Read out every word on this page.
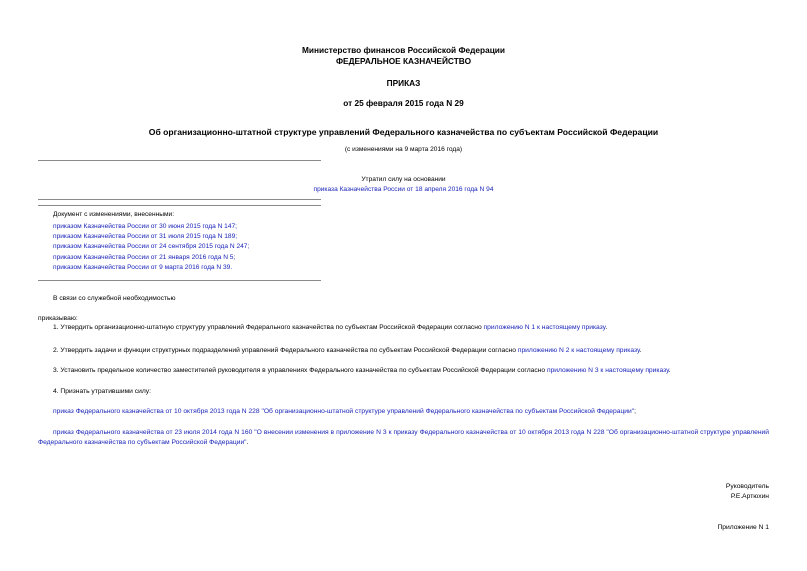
Министерство финансов Российской Федерации
ФЕДЕРАЛЬНОЕ КАЗНАЧЕЙСТВО
ПРИКАЗ
от 25 февраля 2015 года N 29
Об организационно-штатной структуре управлений Федерального казначейства по субъектам Российской Федерации
(с изменениями на 9 марта 2016 года)
Утратил силу на основании
приказа Казначейства России от 18 апреля 2016 года N 94
Документ с изменениями, внесенными:
приказом Казначейства России от 30 июня 2015 года N 147;
приказом Казначейства России от 31 июля 2015 года N 189;
приказом Казначейства России от 24 сентября 2015 года N 247;
приказом Казначейства России от 21 января 2016 года N 5;
приказом Казначейства России от 9 марта 2016 года N 39.
В связи со служебной необходимостью
приказываю:
1. Утвердить организационно-штатную структуру управлений Федерального казначейства по субъектам Российской Федерации согласно приложению N 1 к настоящему приказу.
2. Утвердить задачи и функции структурных подразделений управлений Федерального казначейства по субъектам Российской Федерации согласно приложению N 2 к настоящему приказу.
3. Установить предельное количество заместителей руководителя в управлениях Федерального казначейства по субъектам Российской Федерации согласно приложению N 3 к настоящему приказу.
4. Признать утратившими силу:
приказ Федерального казначейства от 10 октября 2013 года N 228 "Об организационно-штатной структуре управлений Федерального казначейства по субъектам Российской Федерации";
приказ Федерального казначейства от 23 июля 2014 года N 160 "О внесении изменения в приложение N 3 к приказу Федерального казначейства от 10 октября 2013 года N 228 "Об организационно-штатной структуре управлений Федерального казначейства по субъектам Российской Федерации".
Руководитель
Р.Е.Артюхин
Приложение N 1
